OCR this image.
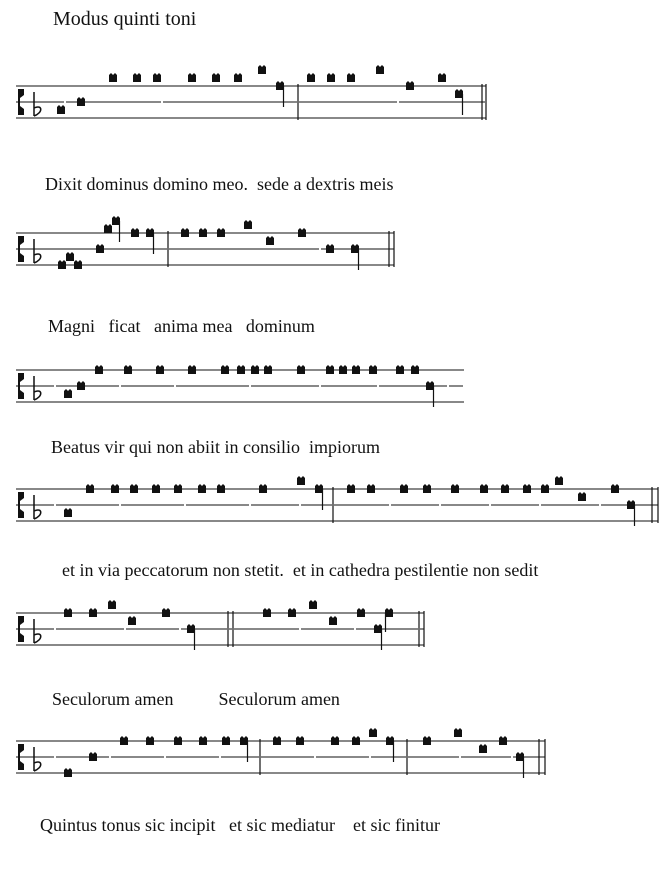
Modus quinti toni
Dixit dominus domino meo.  sede a dextris meis
Magni   ficat   anima mea   dominum
Beatus vir qui non abiit in consilio  impiorum
et in via peccatorum non stetit.  et in cathedra pestilentie non sedit
Seculorum amen          Seculorum amen
Quintus tonus sic incipit   et sic mediatur    et sic finitur
